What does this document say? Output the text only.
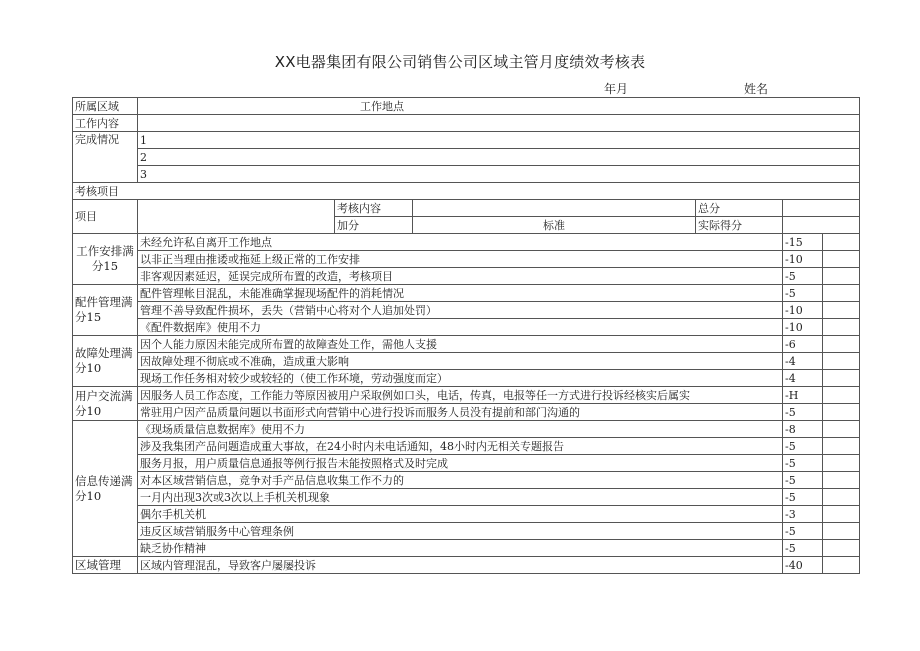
XX电器集团有限公司销售公司区域主管月度绩效考核表
年月	姓名
所属区域	工作地点					
工作内容						
完成情况	1					
	2					
	3					
考核项目						
项目		考核内容		总分		
		加分	标准	实际得分		
工作安排满分15	未经允许私自离开工作地点				-15	
	以非正当理由推诿或拖延上级正常的工作安排				-10	
	非客观因素延迟，延误完成所布置的改造，考核项目				-5	
配件管理满分15	配件管理帐目混乱，未能准确掌握现场配件的消耗情况				-5	
	管理不善导致配件损坏，丢失（营销中心将对个人追加处罚）				-10	
	《配件数据库》使用不力				-10	
故障处理满分10	因个人能力原因未能完成所布置的故障查处工作，需他人支援				-6	
	因故障处理不彻底或不准确，造成重大影响				-4	
	现场工作任务相对较少或较轻的（使工作环境，劳动强度而定）				-4	
用户交流满分10	因服务人员工作态度，工作能力等原因被用户采取例如口头，电话，传真，电报等任一方式进行投诉经核实后属实				-H	
	常驻用户因产品质量问题以书面形式向营销中心进行投诉而服务人员没有提前和部门沟通的				-5	
信息传递满分10	《现场质量信息数据库》使用不力				-8	
	涉及我集团产品问题造成重大事故，在24小时内未电话通知，48小时内无相关专题报告				-5	
	服务月报，用户质量信息通报等例行报告未能按照格式及时完成				-5	
	对本区域营销信息，竞争对手产品信息收集工作不力的				-5	
	一月内出现3次或3次以上手机关机现象				-5	
	偶尔手机关机				-3	
	违反区域营销服务中心管理条例				-5	
	缺乏协作精神				-5	
区域管理	区域内管理混乱，导致客户屡屡投诉				-40	
